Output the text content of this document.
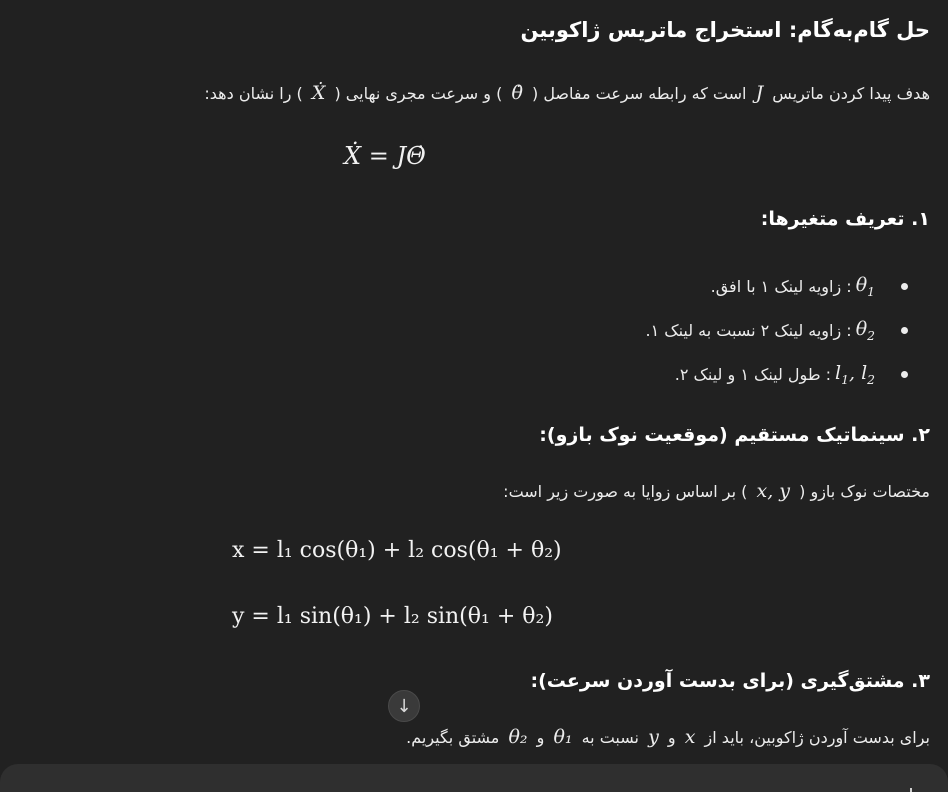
حل گام‌به‌گام: استخراج ماتریس ژاکوبین
هدف پیدا کردن ماتریس J است که رابطه سرعت مفاصل ( θ̇ ) و سرعت مجری نهایی ( Ẋ ) را نشان دهد:
Ẋ = JΘ̇
۱. تعریف متغیرها:
$\theta_1$
: زاویه لینک ۱ با افق.
$\theta_2$
: زاویه لینک ۲ نسبت به لینک ۱.
$l_1$, $l_2$
: طول لینک ۱ و لینک ۲.
۲. سینماتیک مستقیم (موقعیت نوک بازو):
مختصات نوک بازو ( x, y ) بر اساس زوایا به صورت زیر است:
x = l₁ cos(θ₁) + l₂ cos(θ₁ + θ₂)
y = l₁ sin(θ₁) + l₂ sin(θ₁ + θ₂)
۳. مشتق‌گیری (برای بدست آوردن سرعت):
برای بدست آوردن ژاکوبین، باید از x و y نسبت به θ₁ و θ₂ مشتق بگیریم.
↓
